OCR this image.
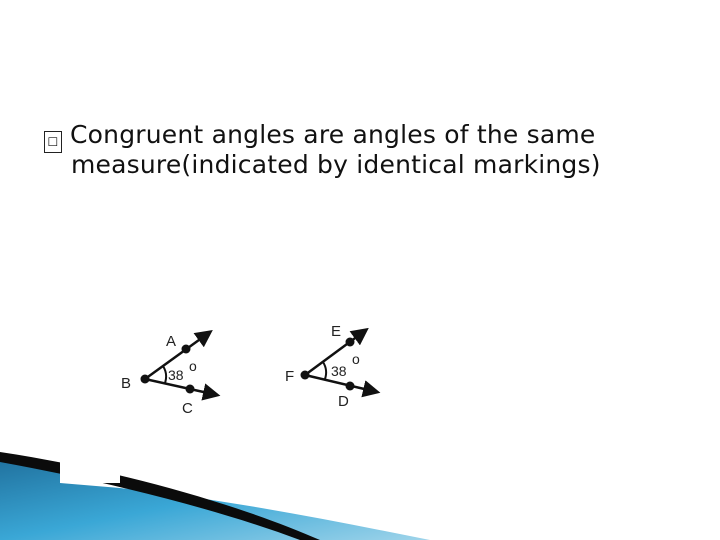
☐ Congruent angles are angles of the same
measure(indicated by identical markings)
B
A
C
38
o
F
E
D
38
o
